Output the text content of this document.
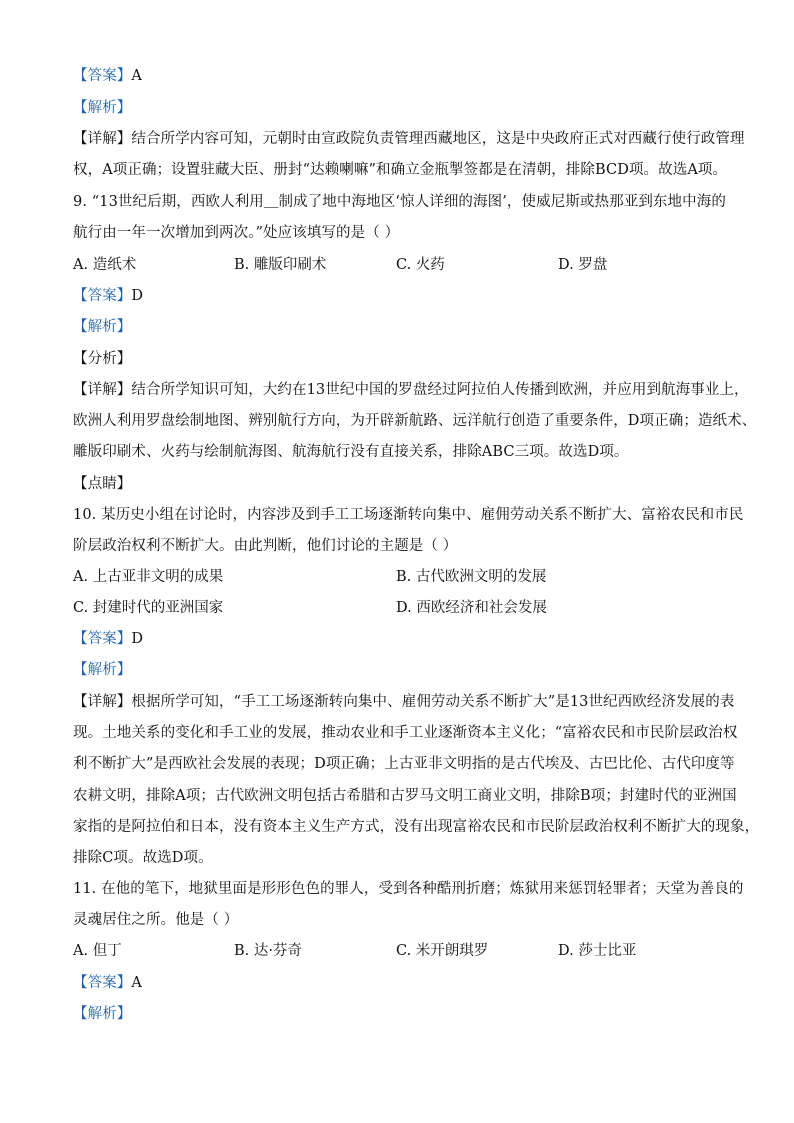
【答案】A
【解析】
【详解】结合所学内容可知，元朝时由宣政院负责管理西藏地区，这是中央政府正式对西藏行使行政管理
权，A项正确；设置驻藏大臣、册封“达赖喇嘛”和确立金瓶掣签都是在清朝，排除BCD项。故选A项。
9. “13世纪后期，西欧人利用＿制成了地中海地区‘惊人详细的海图’，使威尼斯或热那亚到东地中海的
航行由一年一次增加到两次。”处应该填写的是（ ）
A. 造纸术	B. 雕版印刷术	C. 火药	D. 罗盘
【答案】D
【解析】
【分析】
【详解】结合所学知识可知，大约在13世纪中国的罗盘经过阿拉伯人传播到欧洲，并应用到航海事业上，
欧洲人利用罗盘绘制地图、辨别航行方向，为开辟新航路、远洋航行创造了重要条件，D项正确；造纸术、
雕版印刷术、火药与绘制航海图、航海航行没有直接关系，排除ABC三项。故选D项。
【点睛】
10. 某历史小组在讨论时，内容涉及到手工工场逐渐转向集中、雇佣劳动关系不断扩大、富裕农民和市民
阶层政治权利不断扩大。由此判断，他们讨论的主题是（ ）
A. 上古亚非文明的成果	B. 古代欧洲文明的发展
C. 封建时代的亚洲国家	D. 西欧经济和社会发展
【答案】D
【解析】
【详解】根据所学可知，“手工工场逐渐转向集中、雇佣劳动关系不断扩大”是13世纪西欧经济发展的表
现。土地关系的变化和手工业的发展，推动农业和手工业逐渐资本主义化；“富裕农民和市民阶层政治权
利不断扩大”是西欧社会发展的表现；D项正确；上古亚非文明指的是古代埃及、古巴比伦、古代印度等
农耕文明，排除A项；古代欧洲文明包括古希腊和古罗马文明工商业文明，排除B项；封建时代的亚洲国
家指的是阿拉伯和日本，没有资本主义生产方式，没有出现富裕农民和市民阶层政治权利不断扩大的现象，
排除C项。故选D项。
11. 在他的笔下，地狱里面是形形色色的罪人，受到各种酷刑折磨；炼狱用来惩罚轻罪者；天堂为善良的
灵魂居住之所。他是（ ）
A. 但丁	B. 达·芬奇	C. 米开朗琪罗	D. 莎士比亚
【答案】A
【解析】
